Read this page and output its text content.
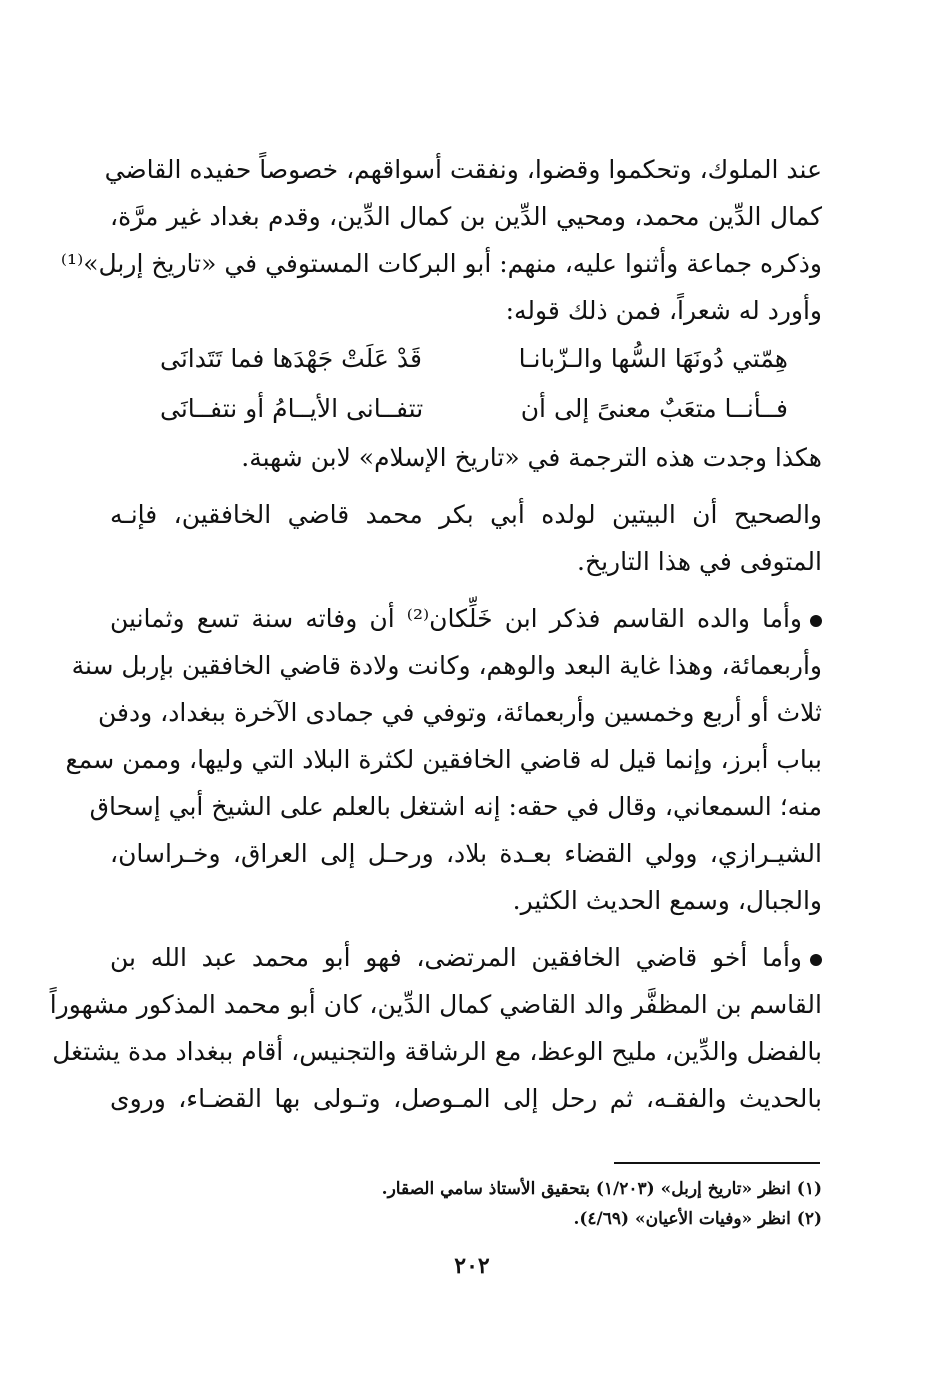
عند الملوك، وتحكموا وقضوا، ونفقت أسواقهم، خصوصاً حفيده القاضي
كمال الدِّين محمد، ومحيي الدِّين بن كمال الدِّين، وقدم بغداد غير مرَّة،
وذكره جماعة وأثنوا عليه، منهم: أبو البركات المستوفي في «تاريخ إربل»⁽¹⁾
وأورد له شعراً، فمن ذلك قوله:
هِمّتي دُونَهَا السُّها والـزّبانـا
قَدْ عَلَتْ جَهْدَها فما تَتَدانَى
فــأنــا متعَبٌ معنىً إلى أن
تتفــانى الأيــامُ أو نتفــانَى
هكذا وجدت هذه الترجمة في «تاريخ الإسلام» لابن شهبة.
والصحيح أن البيتين لولده أبي بكر محمد قاضي الخافقين، فإنـه
المتوفى في هذا التاريخ.
وأما والده القاسم فذكر ابن خَلِّكان⁽²⁾ أن وفاته سنة تسع وثمانين
وأربعمائة، وهذا غاية البعد والوهم، وكانت ولادة قاضي الخافقين بإربل سنة
ثلاث أو أربع وخمسين وأربعمائة، وتوفي في جمادى الآخرة ببغداد، ودفن
بباب أبرز، وإنما قيل له قاضي الخافقين لكثرة البلاد التي وليها، وممن سمع
منه؛ السمعاني، وقال في حقه: إنه اشتغل بالعلم على الشيخ أبي إسحاق
الشيـرازي، وولي القضاء بعـدة بلاد، ورحـل إلى العراق، وخـراسان،
والجبال، وسمع الحديث الكثير.
وأما أخو قاضي الخافقين المرتضى، فهو أبو محمد عبد الله بن
القاسم بن المظفَّر والد القاضي كمال الدِّين، كان أبو محمد المذكور مشهوراً
بالفضل والدِّين، مليح الوعظ، مع الرشاقة والتجنيس، أقام ببغداد مدة يشتغل
بالحديث والفقـه، ثم رحل إلى المـوصل، وتـولى بها القضـاء، وروى
(١) انظر «تاريخ إربل» (١/٢٠٣) بتحقيق الأستاذ سامي الصقار.
(٢) انظر «وفيات الأعيان» (٤/٦٩).
٢٠٢
